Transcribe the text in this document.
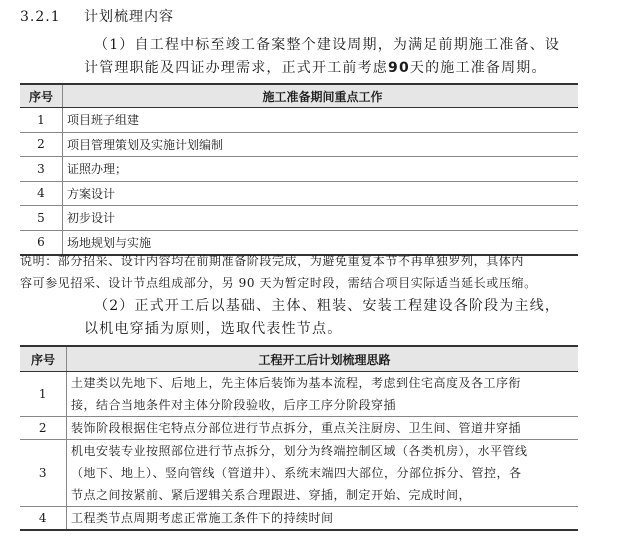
3.2.1 计划梳理内容
（1）自工程中标至竣工备案整个建设周期，为满足前期施工准备、设
计管理职能及四证办理需求，正式开工前考虑90天的施工准备周期。
序号	施工准备期间重点工作
1	项目班子组建
2	项目管理策划及实施计划编制
3	证照办理；
4	方案设计
5	初步设计
6	场地规划与实施
说明：部分招采、设计内容均在前期准备阶段完成，为避免重复本节不再单独罗列，具体内
容可参见招采、设计节点组成部分，另 90 天为暂定时段，需结合项目实际适当延长或压缩。
（2）正式开工后以基础、主体、粗装、安装工程建设各阶段为主线，
以机电穿插为原则，选取代表性节点。
序号	工程开工后计划梳理思路
1	土建类以先地下、后地上，先主体后装饰为基本流程，考虑到住宅高度及各工序衔
接，结合当地条件对主体分阶段验收，后序工序分阶段穿插

2	装饰阶段根据住宅特点分部位进行节点拆分，重点关注厨房、卫生间、管道井穿插

3	机电安装专业按照部位进行节点拆分，划分为终端控制区域（各类机房），水平管线
（地下、地上）、竖向管线（管道井）、系统末端四大部位，分部位拆分、管控，各
节点之间按紧前、紧后逻辑关系合理跟进、穿插，制定开始、完成时间，

4	工程类节点周期考虑正常施工条件下的持续时间
